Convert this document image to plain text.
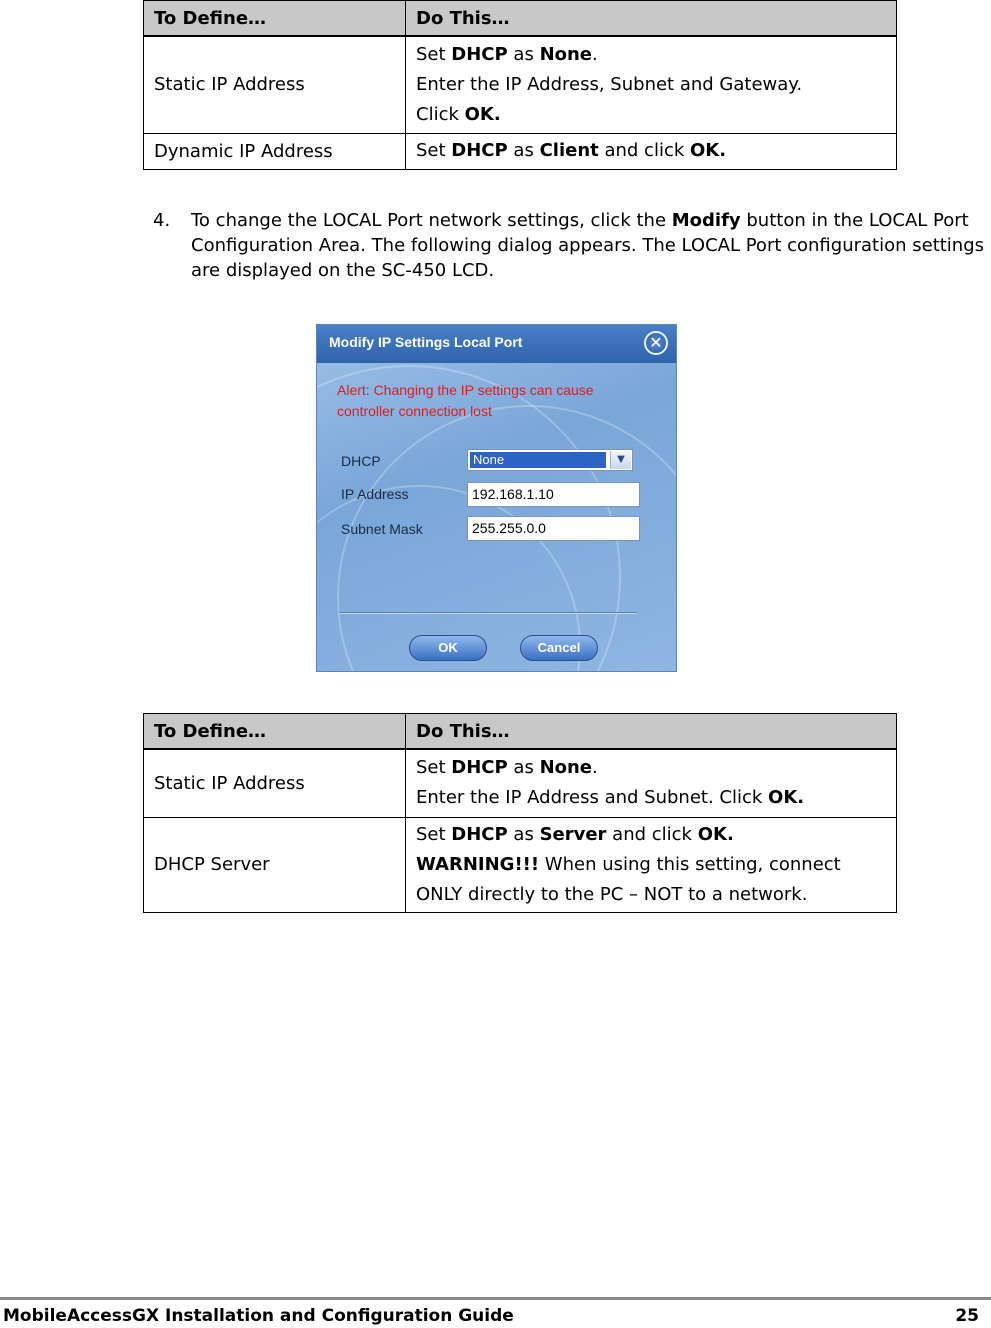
To Define…	Do This…
Static IP Address	Set DHCP as None.

Enter the IP Address, Subnet and Gateway.

Click OK.

Dynamic IP Address	Set DHCP as Client and click OK.

4. To change the LOCAL Port network settings, click the Modify button in the LOCAL Port Configuration Area. The following dialog appears. The LOCAL Port configuration settings are displayed on the SC-450 LCD.
Modify IP Settings Local Port	✕
Alert: Changing the IP settings can cause
controller connection lost
DHCP	None	▼
IP Address	192.168.1.10
Subnet Mask	255.255.0.0
OK	Cancel
To Define…	Do This…
Static IP Address	Set DHCP as None.

Enter the IP Address and Subnet. Click OK.

DHCP Server	Set DHCP as Server and click OK.

WARNING!!! When using this setting, connect

ONLY directly to the PC – NOT to a network.

MobileAccessGX Installation and Configuration Guide	25
